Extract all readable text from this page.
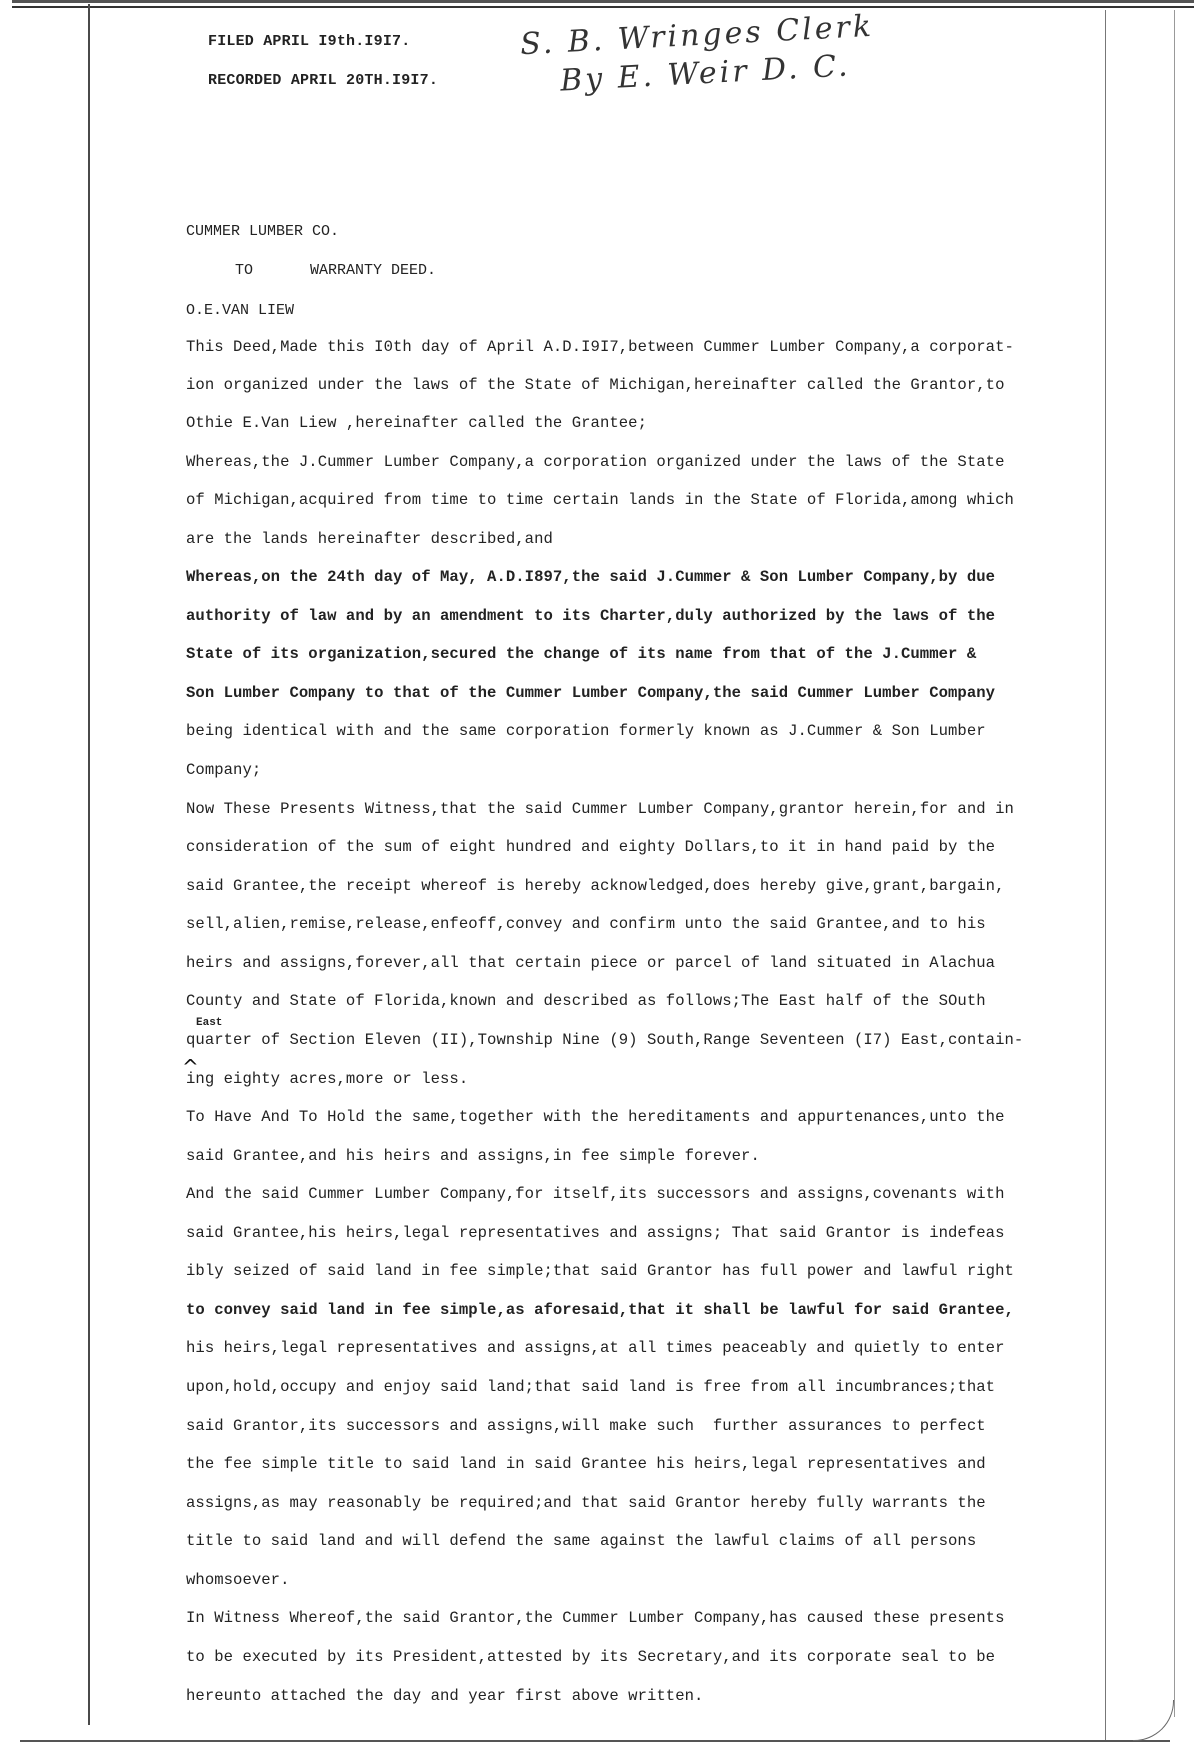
FILED APRIL I9th.I9I7.
RECORDED APRIL 20TH.I9I7.
S. B. Wringes Clerk
By E. Weir D. C.
CUMMER LUMBER CO.
TO	WARRANTY DEED.
O.E.VAN LIEW
This Deed,Made this I0th day of April A.D.I9I7,between Cummer Lumber Company,a corporat-
ion organized under the laws of the State of Michigan,hereinafter called the Grantor,to
Othie E.Van Liew ,hereinafter called the Grantee;
Whereas,the J.Cummer Lumber Company,a corporation organized under the laws of the State
of Michigan,acquired from time to time certain lands in the State of Florida,among which
are the lands hereinafter described,and
Whereas,on the 24th day of May, A.D.I897,the said J.Cummer & Son Lumber Company,by due
authority of law and by an amendment to its Charter,duly authorized by the laws of the
State of its organization,secured the change of its name from that of the J.Cummer &
Son Lumber Company to that of the Cummer Lumber Company,the said Cummer Lumber Company
being identical with and the same corporation formerly known as J.Cummer & Son Lumber
Company;
Now These Presents Witness,that the said Cummer Lumber Company,grantor herein,for and in
consideration of the sum of eight hundred and eighty Dollars,to it in hand paid by the
said Grantee,the receipt whereof is hereby acknowledged,does hereby give,grant,bargain,
sell,alien,remise,release,enfeoff,convey and confirm unto the said Grantee,and to his
heirs and assigns,forever,all that certain piece or parcel of land situated in Alachua
County and State of Florida,known and described as follows;The East half of the SOuth
quarter of Section Eleven (II),Township Nine (9) South,Range Seventeen (I7) East,contain-
ing eighty acres,more or less.
To Have And To Hold the same,together with the hereditaments and appurtenances,unto the
said Grantee,and his heirs and assigns,in fee simple forever.
And the said Cummer Lumber Company,for itself,its successors and assigns,covenants with
said Grantee,his heirs,legal representatives and assigns; That said Grantor is indefeas
ibly seized of said land in fee simple;that said Grantor has full power and lawful right
to convey said land in fee simple,as aforesaid,that it shall be lawful for said Grantee,
his heirs,legal representatives and assigns,at all times peaceably and quietly to enter
upon,hold,occupy and enjoy said land;that said land is free from all incumbrances;that
said Grantor,its successors and assigns,will make such  further assurances to perfect
the fee simple title to said land in said Grantee his heirs,legal representatives and
assigns,as may reasonably be required;and that said Grantor hereby fully warrants the
title to said land and will defend the same against the lawful claims of all persons
whomsoever.
In Witness Whereof,the said Grantor,the Cummer Lumber Company,has caused these presents
to be executed by its President,attested by its Secretary,and its corporate seal to be
hereunto attached the day and year first above written.
East
^
